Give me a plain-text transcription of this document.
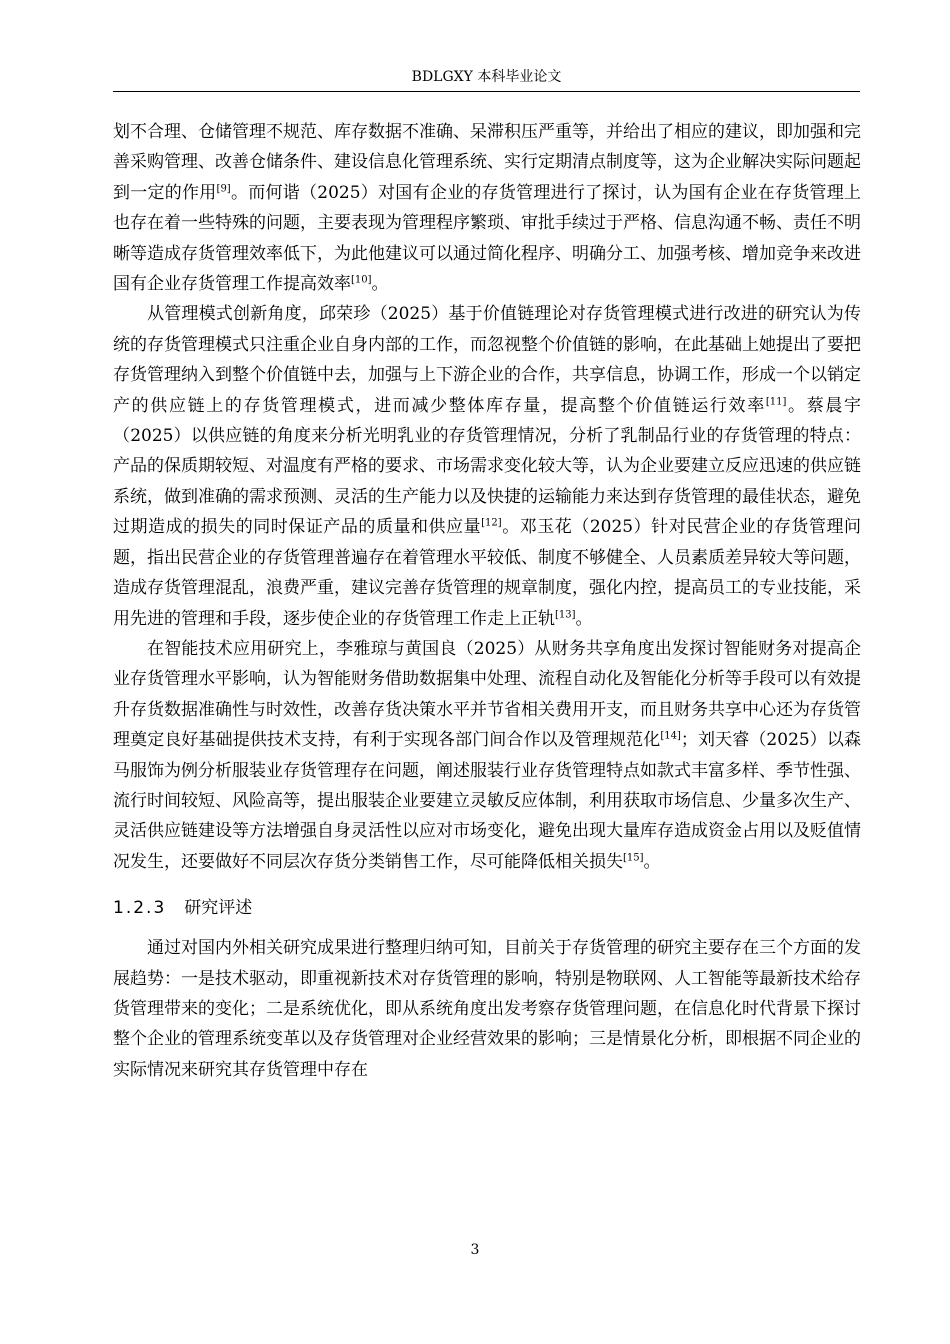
BDLGXY 本科毕业论文

划不合理、仓储管理不规范、库存数据不准确、呆滞积压严重等，并给出了相应的建议，即加强和完善采购管理、改善仓储条件、建设信息化管理系统、实行定期清点制度等，这为企业解决实际问题起到一定的作用[9]。而何谐（2025）对国有企业的存货管理进行了探讨，认为国有企业在存货管理上也存在着一些特殊的问题，主要表现为管理程序繁琐、审批手续过于严格、信息沟通不畅、责任不明晰等造成存货管理效率低下，为此他建议可以通过简化程序、明确分工、加强考核、增加竞争来改进国有企业存货管理工作提高效率[10]。

从管理模式创新角度，邱荣珍（2025）基于价值链理论对存货管理模式进行改进的研究认为传统的存货管理模式只注重企业自身内部的工作，而忽视整个价值链的影响，在此基础上她提出了要把存货管理纳入到整个价值链中去，加强与上下游企业的合作，共享信息，协调工作，形成一个以销定产的供应链上的存货管理模式，进而减少整体库存量，提高整个价值链运行效率[11]。蔡晨宇（2025）以供应链的角度来分析光明乳业的存货管理情况，分析了乳制品行业的存货管理的特点：产品的保质期较短、对温度有严格的要求、市场需求变化较大等，认为企业要建立反应迅速的供应链系统，做到准确的需求预测、灵活的生产能力以及快捷的运输能力来达到存货管理的最佳状态，避免过期造成的损失的同时保证产品的质量和供应量[12]。邓玉花（2025）针对民营企业的存货管理问题，指出民营企业的存货管理普遍存在着管理水平较低、制度不够健全、人员素质差异较大等问题，造成存货管理混乱，浪费严重，建议完善存货管理的规章制度，强化内控，提高员工的专业技能，采用先进的管理和手段，逐步使企业的存货管理工作走上正轨[13]。

在智能技术应用研究上，李雅琼与黄国良（2025）从财务共享角度出发探讨智能财务对提高企业存货管理水平影响，认为智能财务借助数据集中处理、流程自动化及智能化分析等手段可以有效提升存货数据准确性与时效性，改善存货决策水平并节省相关费用开支，而且财务共享中心还为存货管理奠定良好基础提供技术支持，有利于实现各部门间合作以及管理规范化[14]；刘天睿（2025）以森马服饰为例分析服装业存货管理存在问题，阐述服装行业存货管理特点如款式丰富多样、季节性强、流行时间较短、风险高等，提出服装企业要建立灵敏反应体制，利用获取市场信息、少量多次生产、灵活供应链建设等方法增强自身灵活性以应对市场变化，避免出现大量库存造成资金占用以及贬值情况发生，还要做好不同层次存货分类销售工作，尽可能降低相关损失[15]。

1.2.3 研究评述

通过对国内外相关研究成果进行整理归纳可知，目前关于存货管理的研究主要存在三个方面的发展趋势：一是技术驱动，即重视新技术对存货管理的影响，特别是物联网、人工智能等最新技术给存货管理带来的变化；二是系统优化，即从系统角度出发考察存货管理问题，在信息化时代背景下探讨整个企业的管理系统变革以及存货管理对企业经营效果的影响；三是情景化分析，即根据不同企业的实际情况来研究其存货管理中存在

3
